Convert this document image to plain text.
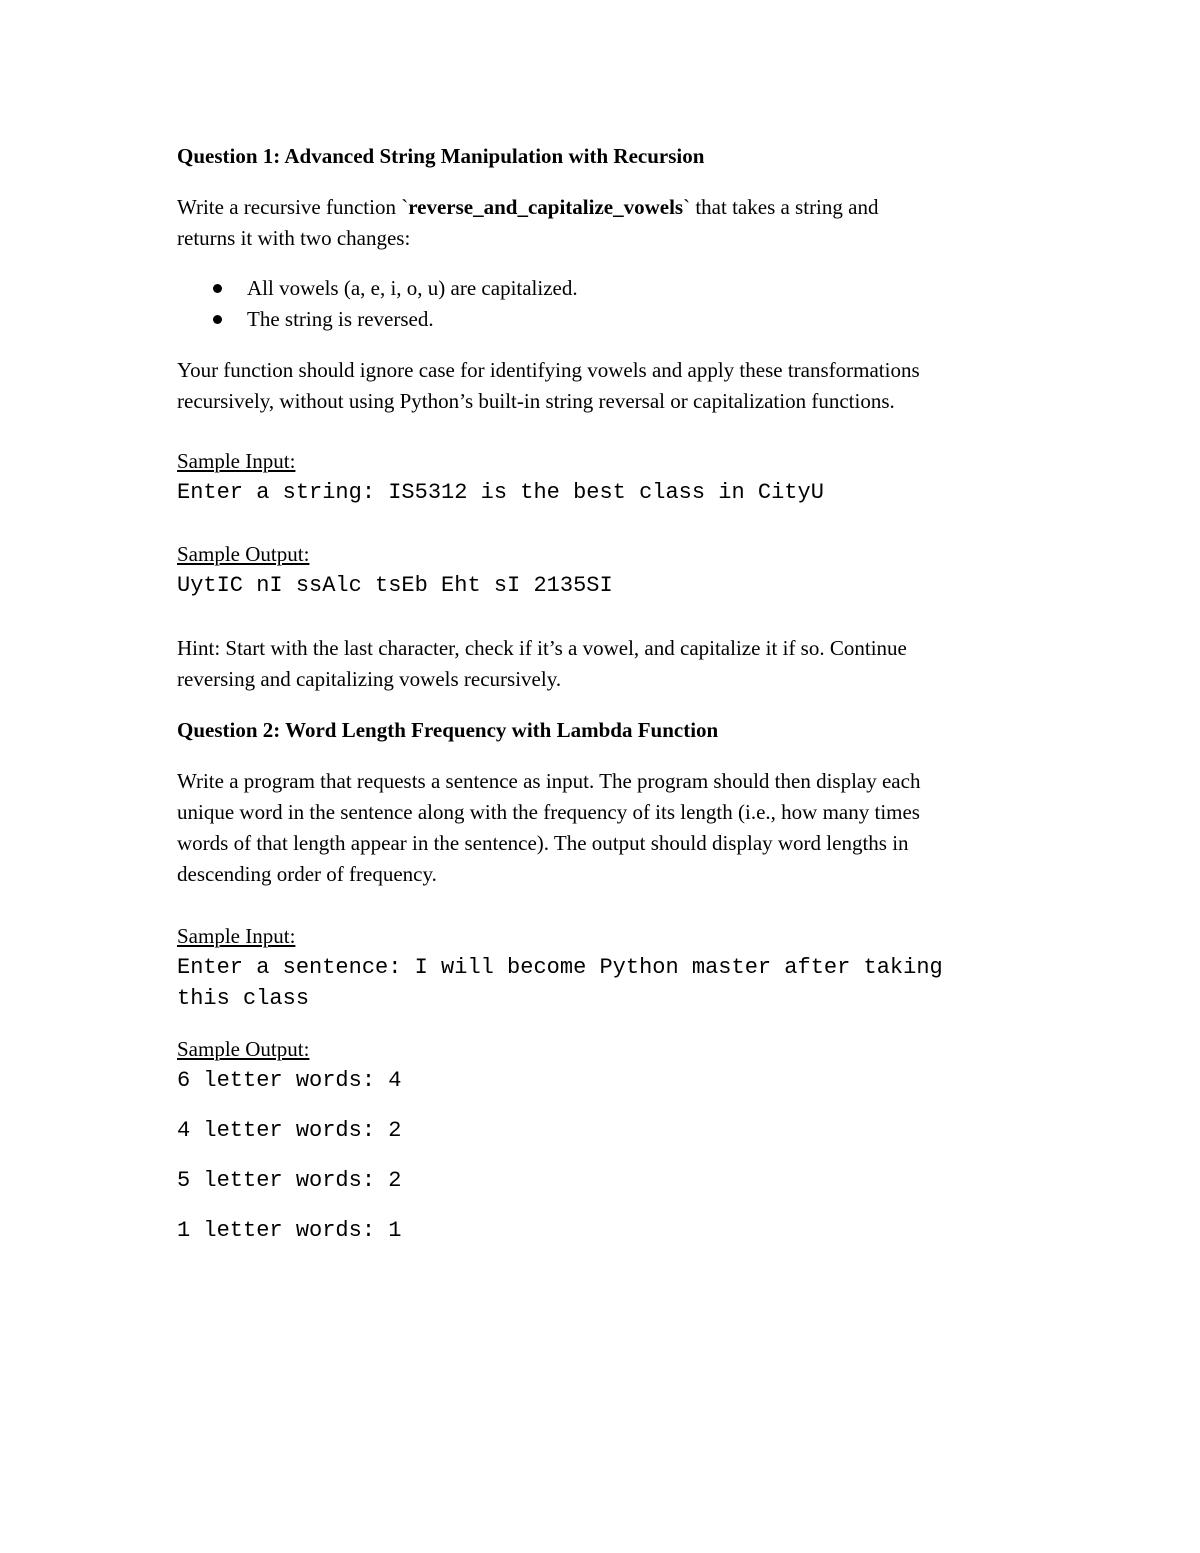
Question 1: Advanced String Manipulation with Recursion

Write a recursive function `reverse_and_capitalize_vowels` that takes a string and
returns it with two changes:

All vowels (a, e, i, o, u) are capitalized.
The string is reversed.

Your function should ignore case for identifying vowels and apply these transformations
recursively, without using Python’s built-in string reversal or capitalization functions.

Sample Input:

Enter a string: IS5312 is the best class in CityU

Sample Output:

UytIC nI ssAlc tsEb Eht sI 2135SI

Hint: Start with the last character, check if it’s a vowel, and capitalize it if so. Continue
reversing and capitalizing vowels recursively.

Question 2: Word Length Frequency with Lambda Function

Write a program that requests a sentence as input. The program should then display each
unique word in the sentence along with the frequency of its length (i.e., how many times
words of that length appear in the sentence). The output should display word lengths in
descending order of frequency.

Sample Input:

Enter a sentence: I will become Python master after taking
this class

Sample Output:

6 letter words: 4

4 letter words: 2

5 letter words: 2

1 letter words: 1
